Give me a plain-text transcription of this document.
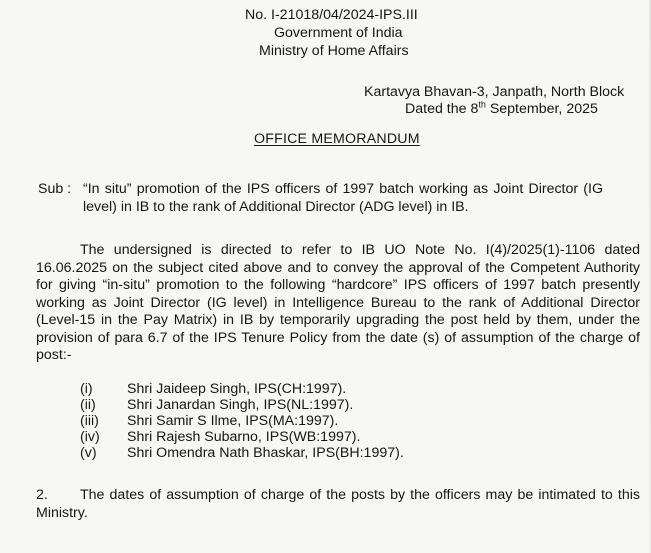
No. I-21018/04/2024-IPS.III
Government of India
Ministry of Home Affairs
Kartavya Bhavan-3, Janpath, North Block
Dated the 8th September, 2025
OFFICE MEMORANDUM
Sub : “In situ” promotion of the IPS officers of 1997 batch working as Joint Director (IG level) in IB to the rank of Additional Director (ADG level) in IB.
The undersigned is directed to refer to IB UO Note No. I(4)/2025(1)-1106 dated 16.06.2025 on the subject cited above and to convey the approval of the Competent Authority for giving “in-situ” promotion to the following “hardcore” IPS officers of 1997 batch presently working as Joint Director (IG level) in Intelligence Bureau to the rank of Additional Director (Level-15 in the Pay Matrix) in IB by temporarily upgrading the post held by them, under the provision of para 6.7 of the IPS Tenure Policy from the date (s) of assumption of the charge of post:-
(i)	Shri Jaideep Singh, IPS(CH:1997).
(ii)	Shri Janardan Singh, IPS(NL:1997).
(iii)	Shri Samir S Ilme, IPS(MA:1997).
(iv)	Shri Rajesh Subarno, IPS(WB:1997).
(v)	Shri Omendra Nath Bhaskar, IPS(BH:1997).
2. The dates of assumption of charge of the posts by the officers may be intimated to this Ministry.
